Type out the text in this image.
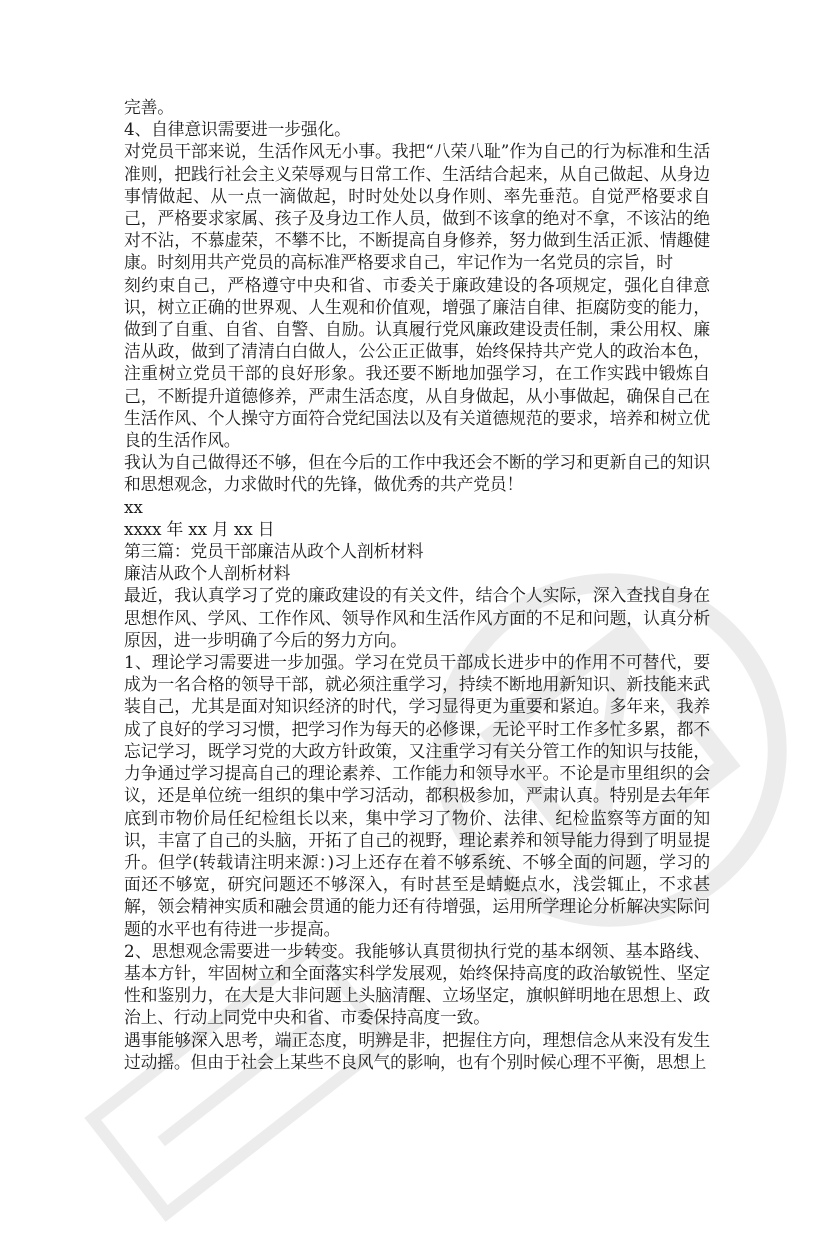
完善。

4、自律意识需要进一步强化。

对党员干部来说，生活作风无小事。我把“八荣八耻”作为自己的行为标准和生活准则，把践行社会主义荣辱观与日常工作、生活结合起来，从自己做起、从身边事情做起、从一点一滴做起，时时处处以身作则、率先垂范。自觉严格要求自己，严格要求家属、孩子及身边工作人员，做到不该拿的绝对不拿，不该沾的绝对不沾，不慕虚荣，不攀不比，不断提高自身修养，努力做到生活正派、情趣健康。时刻用共产党员的高标准严格要求自己，牢记作为一名党员的宗旨，时

刻约束自己，严格遵守中央和省、市委关于廉政建设的各项规定，强化自律意识，树立正确的世界观、人生观和价值观，增强了廉洁自律、拒腐防变的能力，做到了自重、自省、自警、自励。认真履行党风廉政建设责任制，秉公用权、廉洁从政，做到了清清白白做人，公公正正做事，始终保持共产党人的政治本色，注重树立党员干部的良好形象。我还要不断地加强学习，在工作实践中锻炼自己，不断提升道德修养，严肃生活态度，从自身做起，从小事做起，确保自己在生活作风、个人操守方面符合党纪国法以及有关道德规范的要求，培养和树立优良的生活作风。

我认为自己做得还不够，但在今后的工作中我还会不断的学习和更新自己的知识和思想观念，力求做时代的先锋，做优秀的共产党员！

xx

xxxx 年 xx 月 xx 日

第三篇：党员干部廉洁从政个人剖析材料

廉洁从政个人剖析材料

最近，我认真学习了党的廉政建设的有关文件，结合个人实际，深入查找自身在思想作风、学风、工作作风、领导作风和生活作风方面的不足和问题，认真分析原因，进一步明确了今后的努力方向。

1、理论学习需要进一步加强。学习在党员干部成长进步中的作用不可替代，要成为一名合格的领导干部，就必须注重学习，持续不断地用新知识、新技能来武装自己，尤其是面对知识经济的时代，学习显得更为重要和紧迫。多年来，我养成了良好的学习习惯，把学习作为每天的必修课，无论平时工作多忙多累，都不忘记学习，既学习党的大政方针政策，又注重学习有关分管工作的知识与技能，力争通过学习提高自己的理论素养、工作能力和领导水平。不论是市里组织的会议，还是单位统一组织的集中学习活动，都积极参加，严肃认真。特别是去年年底到市物价局任纪检组长以来，集中学习了物价、法律、纪检监察等方面的知识，丰富了自己的头脑，开拓了自己的视野，理论素养和领导能力得到了明显提升。但学(转载请注明来源：)习上还存在着不够系统、不够全面的问题，学习的面还不够宽，研究问题还不够深入，有时甚至是蜻蜓点水，浅尝辄止，不求甚解，领会精神实质和融会贯通的能力还有待增强，运用所学理论分析解决实际问题的水平也有待进一步提高。

2、思想观念需要进一步转变。我能够认真贯彻执行党的基本纲领、基本路线、基本方针，牢固树立和全面落实科学发展观，始终保持高度的政治敏锐性、坚定性和鉴别力，在大是大非问题上头脑清醒、立场坚定，旗帜鲜明地在思想上、政治上、行动上同党中央和省、市委保持高度一致。

遇事能够深入思考，端正态度，明辨是非，把握住方向，理想信念从来没有发生过动摇。但由于社会上某些不良风气的影响，也有个别时候心理不平衡，思想上
